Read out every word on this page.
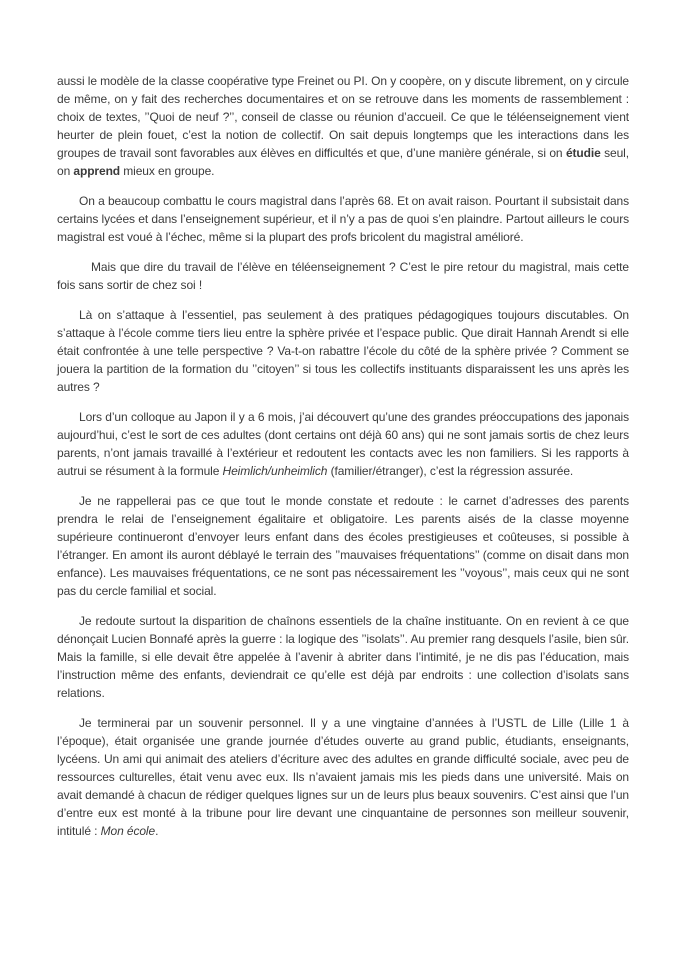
aussi le modèle de la classe coopérative type Freinet ou PI. On y coopère, on y discute librement, on y circule de même, on y fait des recherches documentaires et on se retrouve dans les moments de rassemblement : choix de textes, ’’Quoi de neuf ?’’, conseil de classe ou réunion d’accueil. Ce que le téléenseignement vient heurter de plein fouet, c’est la notion de collectif. On sait depuis longtemps que les interactions dans les groupes de travail sont favorables aux élèves en difficultés et que, d’une manière générale, si on étudie seul, on apprend mieux en groupe.

On a beaucoup combattu le cours magistral dans l’après 68. Et on avait raison. Pourtant il subsistait dans certains lycées et dans l’enseignement supérieur, et il n’y a pas de quoi s’en plaindre. Partout ailleurs le cours magistral est voué à l’échec, même si la plupart des profs bricolent du magistral amélioré.

Mais que dire du travail de l’élève en téléenseignement ? C’est le pire retour du magistral, mais cette fois sans sortir de chez soi !

Là on s’attaque à l’essentiel, pas seulement à des pratiques pédagogiques toujours discutables. On s’attaque à l’école comme tiers lieu entre la sphère privée et l’espace public. Que dirait Hannah Arendt si elle était confrontée à une telle perspective ? Va-t-on rabattre l’école du côté de la sphère privée ? Comment se jouera la partition de la formation du ’’citoyen’’ si tous les collectifs instituants disparaissent les uns après les autres ?

Lors d’un colloque au Japon il y a 6 mois, j’ai découvert qu’une des grandes préoccupations des japonais aujourd’hui, c’est le sort de ces adultes (dont certains ont déjà 60 ans) qui ne sont jamais sortis de chez leurs parents, n’ont jamais travaillé à l’extérieur et redoutent les contacts avec les non familiers. Si les rapports à autrui se résument à la formule Heimlich/unheimlich (familier/étranger), c’est la régression assurée.

Je ne rappellerai pas ce que tout le monde constate et redoute : le carnet d’adresses des parents prendra le relai de l’enseignement égalitaire et obligatoire. Les parents aisés de la classe moyenne supérieure continueront d’envoyer leurs enfant dans des écoles prestigieuses et coûteuses, si possible à l’étranger. En amont ils auront déblayé le terrain des ’’mauvaises fréquentations’’ (comme on disait dans mon enfance). Les mauvaises fréquentations, ce ne sont pas nécessairement les ’’voyous’’, mais ceux qui ne sont pas du cercle familial et social.

Je redoute surtout la disparition de chaînons essentiels de la chaîne instituante. On en revient à ce que dénonçait Lucien Bonnafé après la guerre : la logique des ’’isolats’’. Au premier rang desquels l’asile, bien sûr. Mais la famille, si elle devait être appelée à l’avenir à abriter dans l’intimité, je ne dis pas l’éducation, mais l’instruction même des enfants, deviendrait ce qu’elle est déjà par endroits : une collection d’isolats sans relations.

Je terminerai par un souvenir personnel. Il y a une vingtaine d’années à l’USTL de Lille (Lille 1 à l’époque), était organisée une grande journée d’études ouverte au grand public, étudiants, enseignants, lycéens. Un ami qui animait des ateliers d’écriture avec des adultes en grande difficulté sociale, avec peu de ressources culturelles, était venu avec eux. Ils n’avaient jamais mis les pieds dans une université. Mais on avait demandé à chacun de rédiger quelques lignes sur un de leurs plus beaux souvenirs. C’est ainsi que l’un d’entre eux est monté à la tribune pour lire devant une cinquantaine de personnes son meilleur souvenir, intitulé : Mon école.
